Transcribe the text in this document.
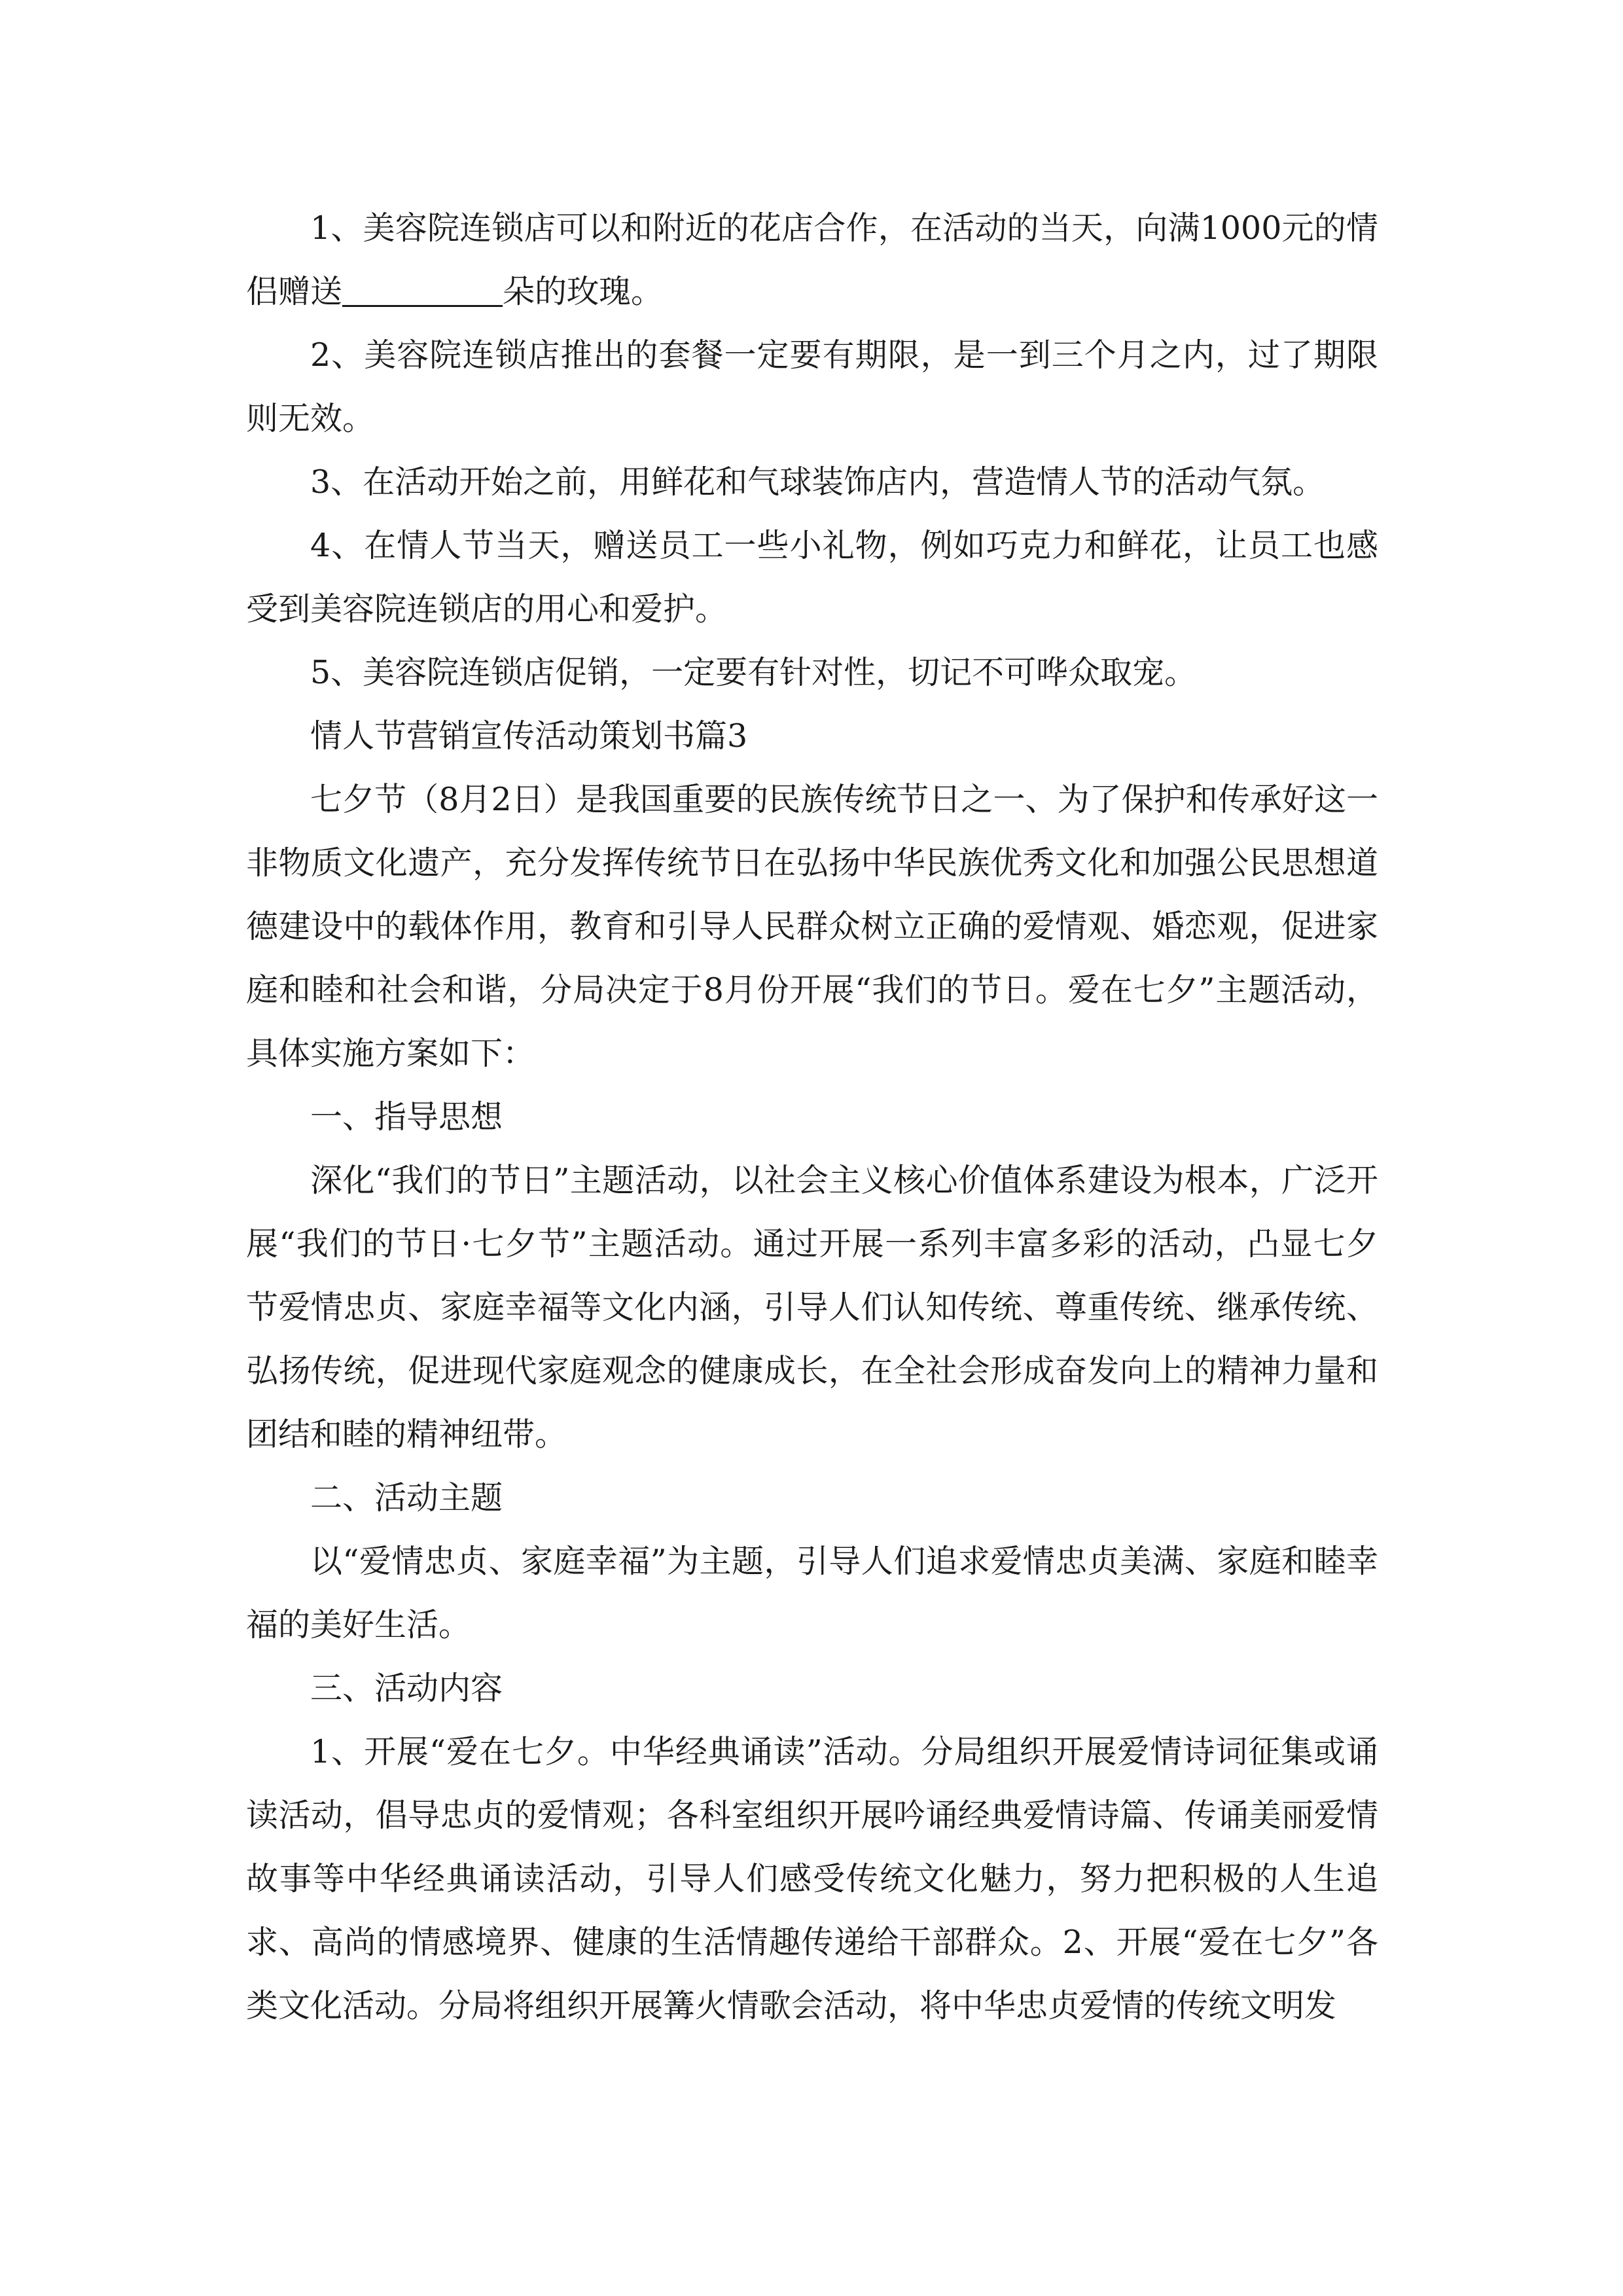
1、美容院连锁店可以和附近的花店合作，在活动的当天，向满1000元的情侣赠送 ＿＿＿朵的玫瑰。

2、美容院连锁店推出的套餐一定要有期限，是一到三个月之内，过了期限则无效。

3、在活动开始之前，用鲜花和气球装饰店内，营造情人节的活动气氛。

4、在情人节当天，赠送员工一些小礼物，例如巧克力和鲜花，让员工也感受到美容院连锁店的用心和爱护。

5、美容院连锁店促销，一定要有针对性，切记不可哗众取宠。

情人节营销宣传活动策划书篇3

七夕节（8月2日）是我国重要的民族传统节日之一、为了保护和传承好这一非物质文化遗产，充分发挥传统节日在弘扬中华民族优秀文化和加强公民思想道德建设中的载体作用，教育和引导人民群众树立正确的爱情观、婚恋观，促进家庭和睦和社会和谐，分局决定于8月份开展“我们的节日。爱在七夕”主题活动，具体实施方案如下：

一、指导思想

深化“我们的节日”主题活动，以社会主义核心价值体系建设为根本，广泛开展“我们的节日·七夕节”主题活动。通过开展一系列丰富多彩的活动，凸显七夕节爱情忠贞、家庭幸福等文化内涵，引导人们认知传统、尊重传统、继承传统、弘扬传统，促进现代家庭观念的健康成长，在全社会形成奋发向上的精神力量和团结和睦的精神纽带。

二、活动主题

以“爱情忠贞、家庭幸福”为主题，引导人们追求爱情忠贞美满、家庭和睦幸福的美好生活。

三、活动内容

1、开展“爱在七夕。中华经典诵读”活动。分局组织开展爱情诗词征集或诵读活动，倡导忠贞的爱情观；各科室组织开展吟诵经典爱情诗篇、传诵美丽爱情故事等中华经典诵读活动，引导人们感受传统文化魅力，努力把积极的人生追求、高尚的情感境界、健康的生活情趣传递给干部群众。2、开展“爱在七夕”各类文化活动。分局将组织开展篝火情歌会活动，将中华忠贞爱情的传统文明发
